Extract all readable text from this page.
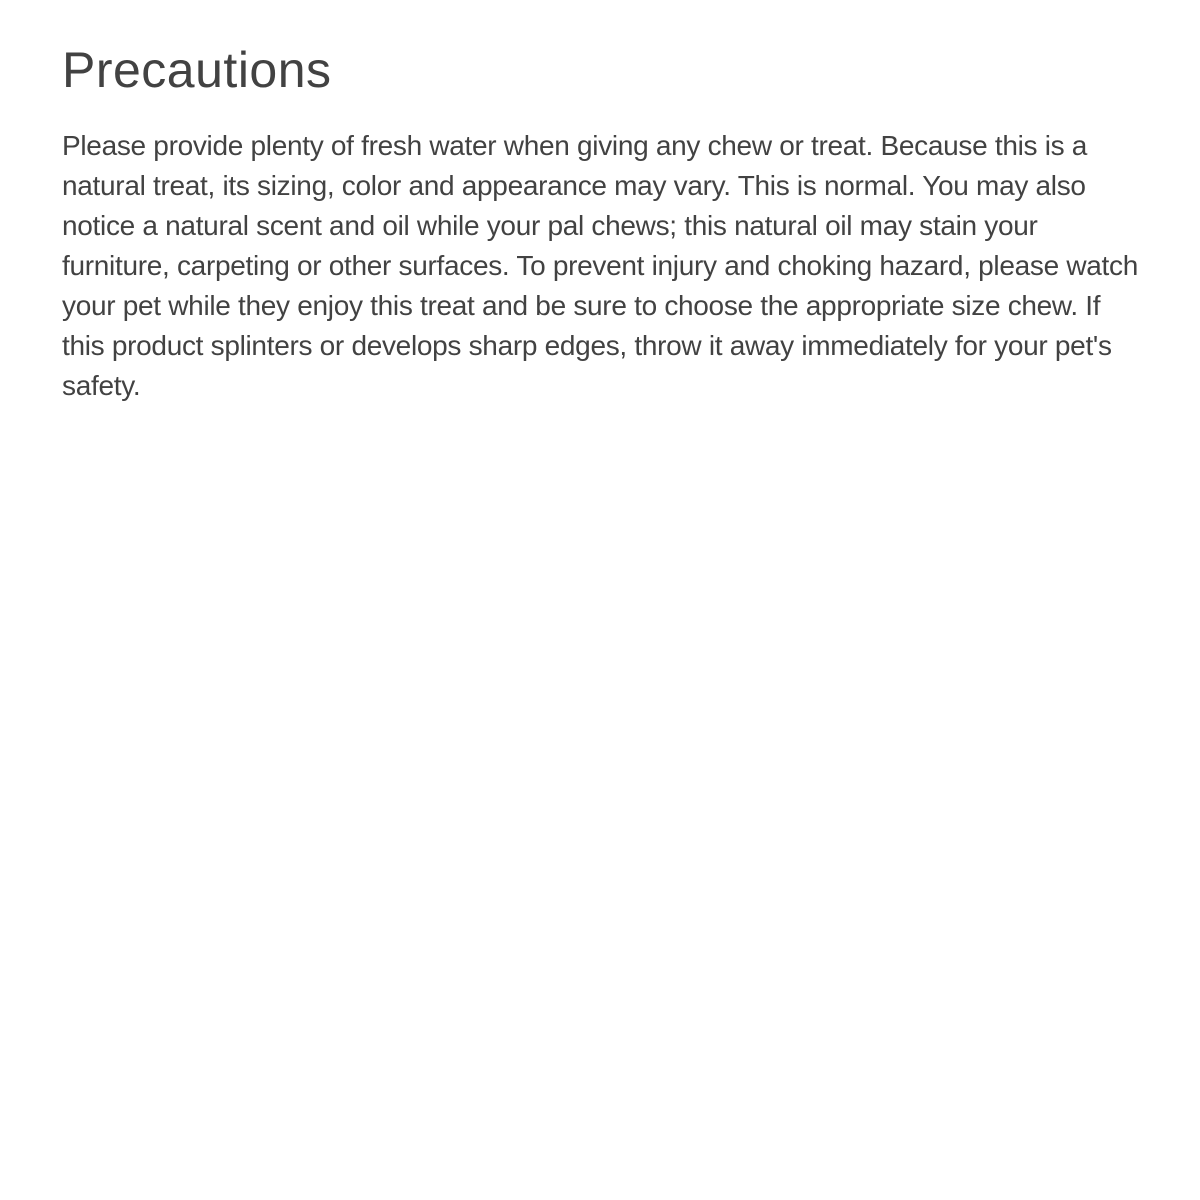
Precautions

Please provide plenty of fresh water when giving any chew or treat. Because this is a natural treat, its sizing, color and appearance may vary. This is normal. You may also notice a natural scent and oil while your pal chews; this natural oil may stain your furniture, carpeting or other surfaces. To prevent injury and choking hazard, please watch your pet while they enjoy this treat and be sure to choose the appropriate size chew. If this product splinters or develops sharp edges, throw it away immediately for your pet's safety.
